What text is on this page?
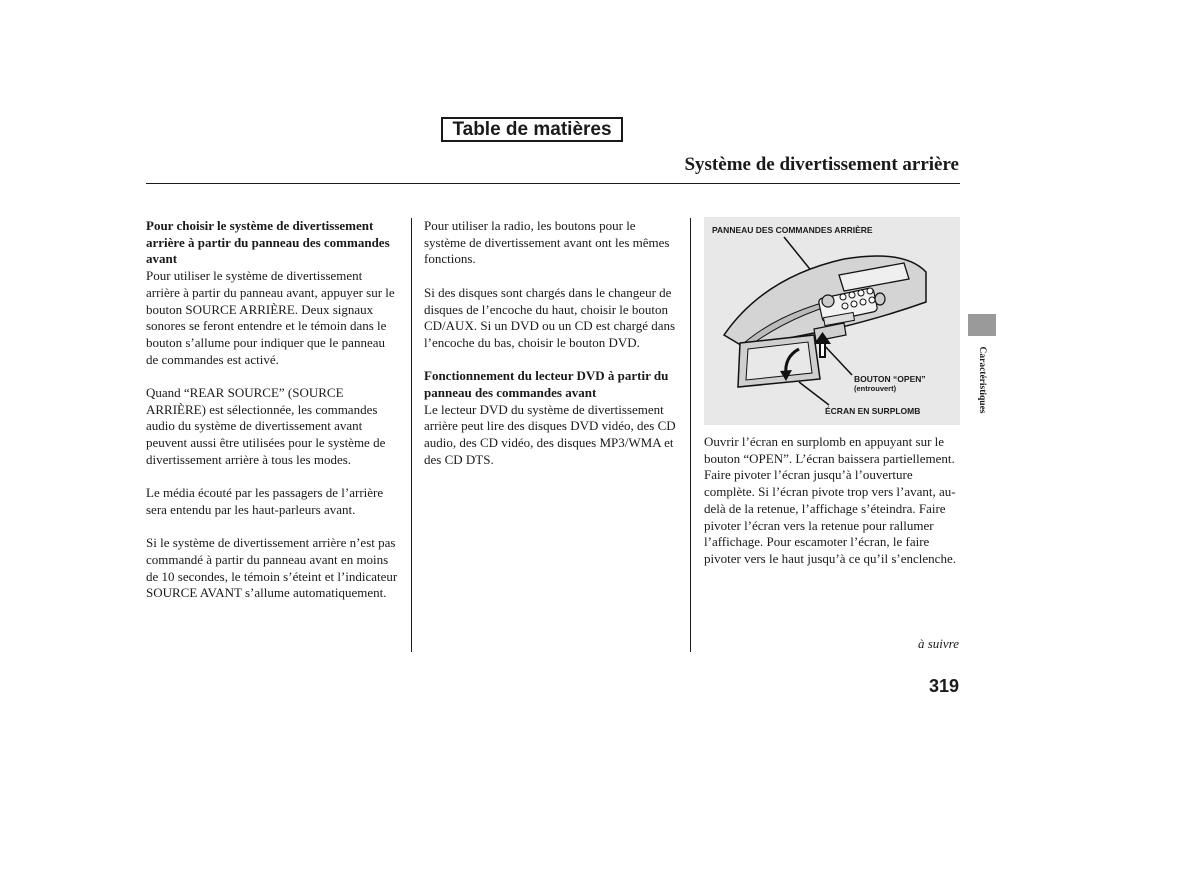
Table de matières
Système de divertissement arrière

Pour choisir le système de divertissement arrière à partir du panneau des commandes avant

Pour utiliser le système de divertissement arrière à partir du panneau avant, appuyer sur le bouton SOURCE ARRIÈRE. Deux signaux sonores se feront entendre et le témoin dans le bouton s’allume pour indiquer que le panneau de commandes est activé.

Quand “REAR SOURCE” (SOURCE ARRIÈRE) est sélectionnée, les commandes audio du système de divertissement avant peuvent aussi être utilisées pour le système de divertissement arrière à tous les modes.

Le média écouté par les passagers de l’arrière sera entendu par les haut-parleurs avant.

Si le système de divertissement arrière n’est pas commandé à partir du panneau avant en moins de 10 secondes, le témoin s’éteint et l’indicateur SOURCE AVANT s’allume automatiquement.

Pour utiliser la radio, les boutons pour le système de divertissement avant ont les mêmes fonctions.

Si des disques sont chargés dans le changeur de disques de l’encoche du haut, choisir le bouton CD/AUX. Si un DVD ou un CD est chargé dans l’encoche du bas, choisir le bouton DVD.

Fonctionnement du lecteur DVD à partir du panneau des commandes avant

Le lecteur DVD du système de divertissement arrière peut lire des disques DVD vidéo, des CD audio, des CD vidéo, des disques MP3/WMA et des CD DTS.

PANNEAU DES COMMANDES ARRIÈRE
BOUTON “OPEN”
(entrouvert)
ÉCRAN EN SURPLOMB

Ouvrir l’écran en surplomb en appuyant sur le bouton “OPEN”. L’écran baissera partiellement. Faire pivoter l’écran jusqu’à l’ouverture complète. Si l’écran pivote trop vers l’avant, au-delà de la retenue, l’affichage s’éteindra. Faire pivoter l’écran vers la retenue pour rallumer l’affichage. Pour escamoter l’écran, le faire pivoter vers le haut jusqu’à ce qu’il s’enclenche.

à suivre
319
Caractéristiques
